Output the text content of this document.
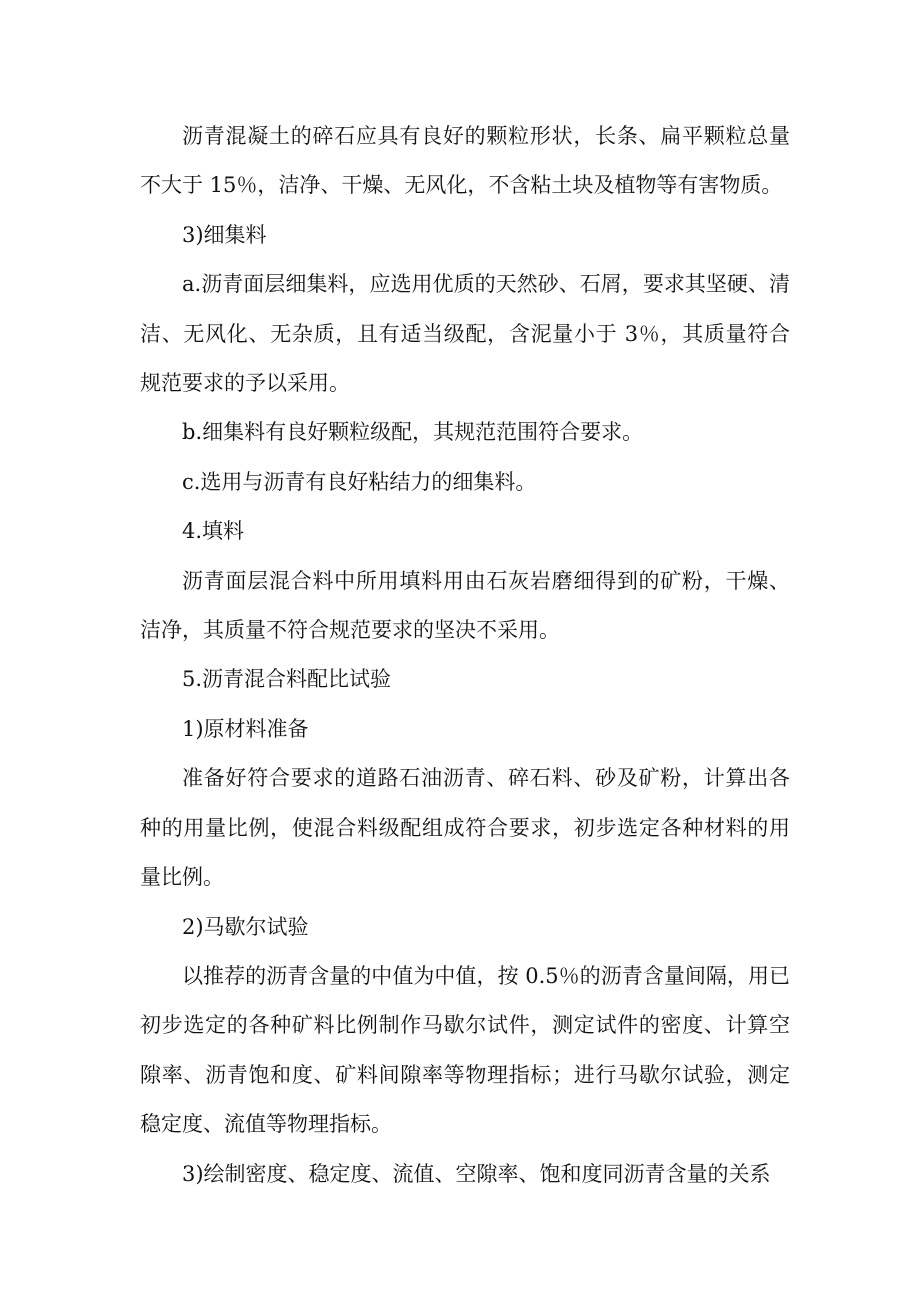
沥青混凝土的碎石应具有良好的颗粒形状，长条、扁平颗粒总量不大于 15％，洁净、干燥、无风化，不含粘土块及植物等有害物质。

3)细集料

a.沥青面层细集料，应选用优质的天然砂、石屑，要求其坚硬、清洁、无风化、无杂质，且有适当级配，含泥量小于 3％，其质量符合规范要求的予以采用。

b.细集料有良好颗粒级配，其规范范围符合要求。

c.选用与沥青有良好粘结力的细集料。

4.填料

沥青面层混合料中所用填料用由石灰岩磨细得到的矿粉，干燥、洁净，其质量不符合规范要求的坚决不采用。

5.沥青混合料配比试验

1)原材料准备

准备好符合要求的道路石油沥青、碎石料、砂及矿粉，计算出各种的用量比例，使混合料级配组成符合要求，初步选定各种材料的用量比例。

2)马歇尔试验

以推荐的沥青含量的中值为中值，按 0.5％的沥青含量间隔，用已初步选定的各种矿料比例制作马歇尔试件，测定试件的密度、计算空隙率、沥青饱和度、矿料间隙率等物理指标；进行马歇尔试验，测定稳定度、流值等物理指标。

3)绘制密度、稳定度、流值、空隙率、饱和度同沥青含量的关系
